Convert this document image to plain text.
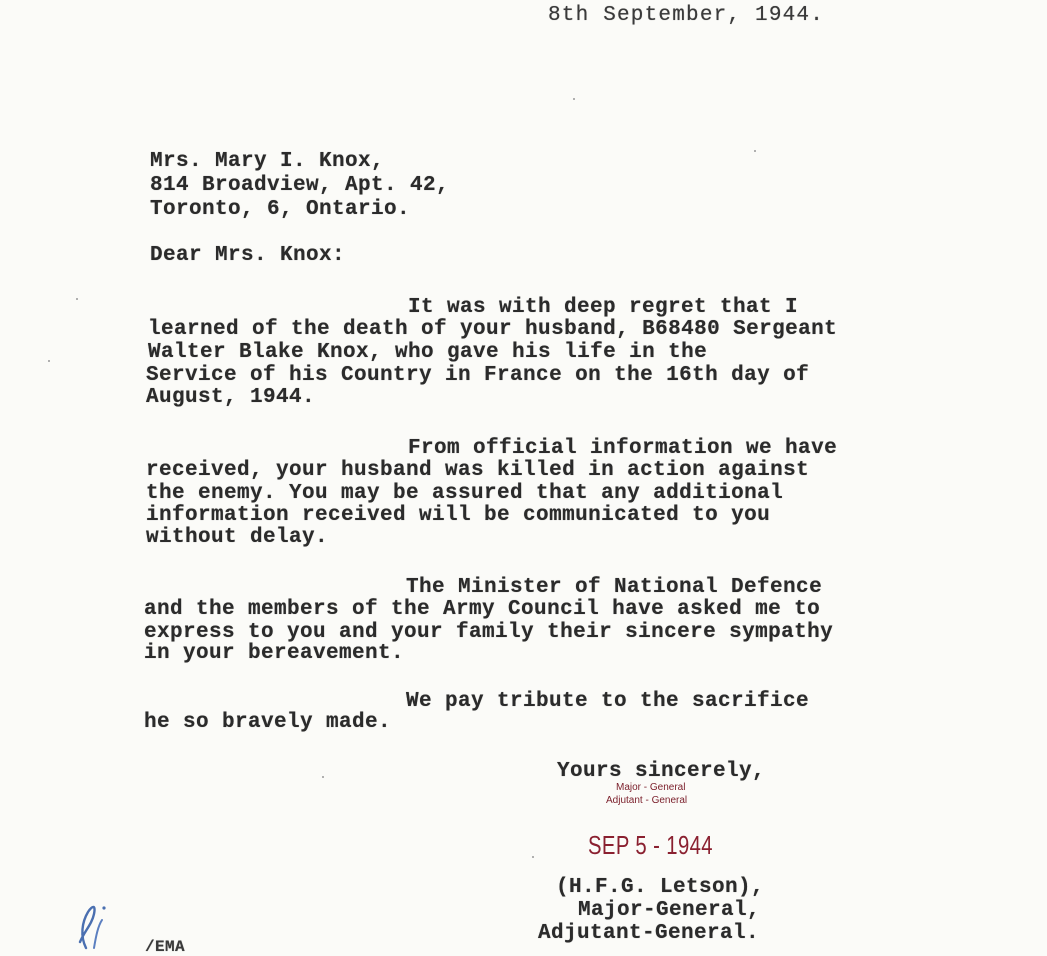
8th September, 1944.
Mrs. Mary I. Knox,
814 Broadview, Apt. 42,
Toronto, 6, Ontario.
Dear Mrs. Knox:
It was with deep regret that I
learned of the death of your husband, B68480 Sergeant
Walter Blake Knox, who gave his life in the
Service of his Country in France on the 16th day of
August, 1944.
From official information we have
received, your husband was killed in action against
the enemy. You may be assured that any additional
information received will be communicated to you
without delay.
The Minister of National Defence
and the members of the Army Council have asked me to
express to you and your family their sincere sympathy
in your bereavement.
We pay tribute to the sacrifice
he so bravely made.
Yours sincerely,
Major - General
Adjutant - General
SEP 5 - 1944
(H.F.G. Letson),
Major-General,
Adjutant-General.
/EMA
